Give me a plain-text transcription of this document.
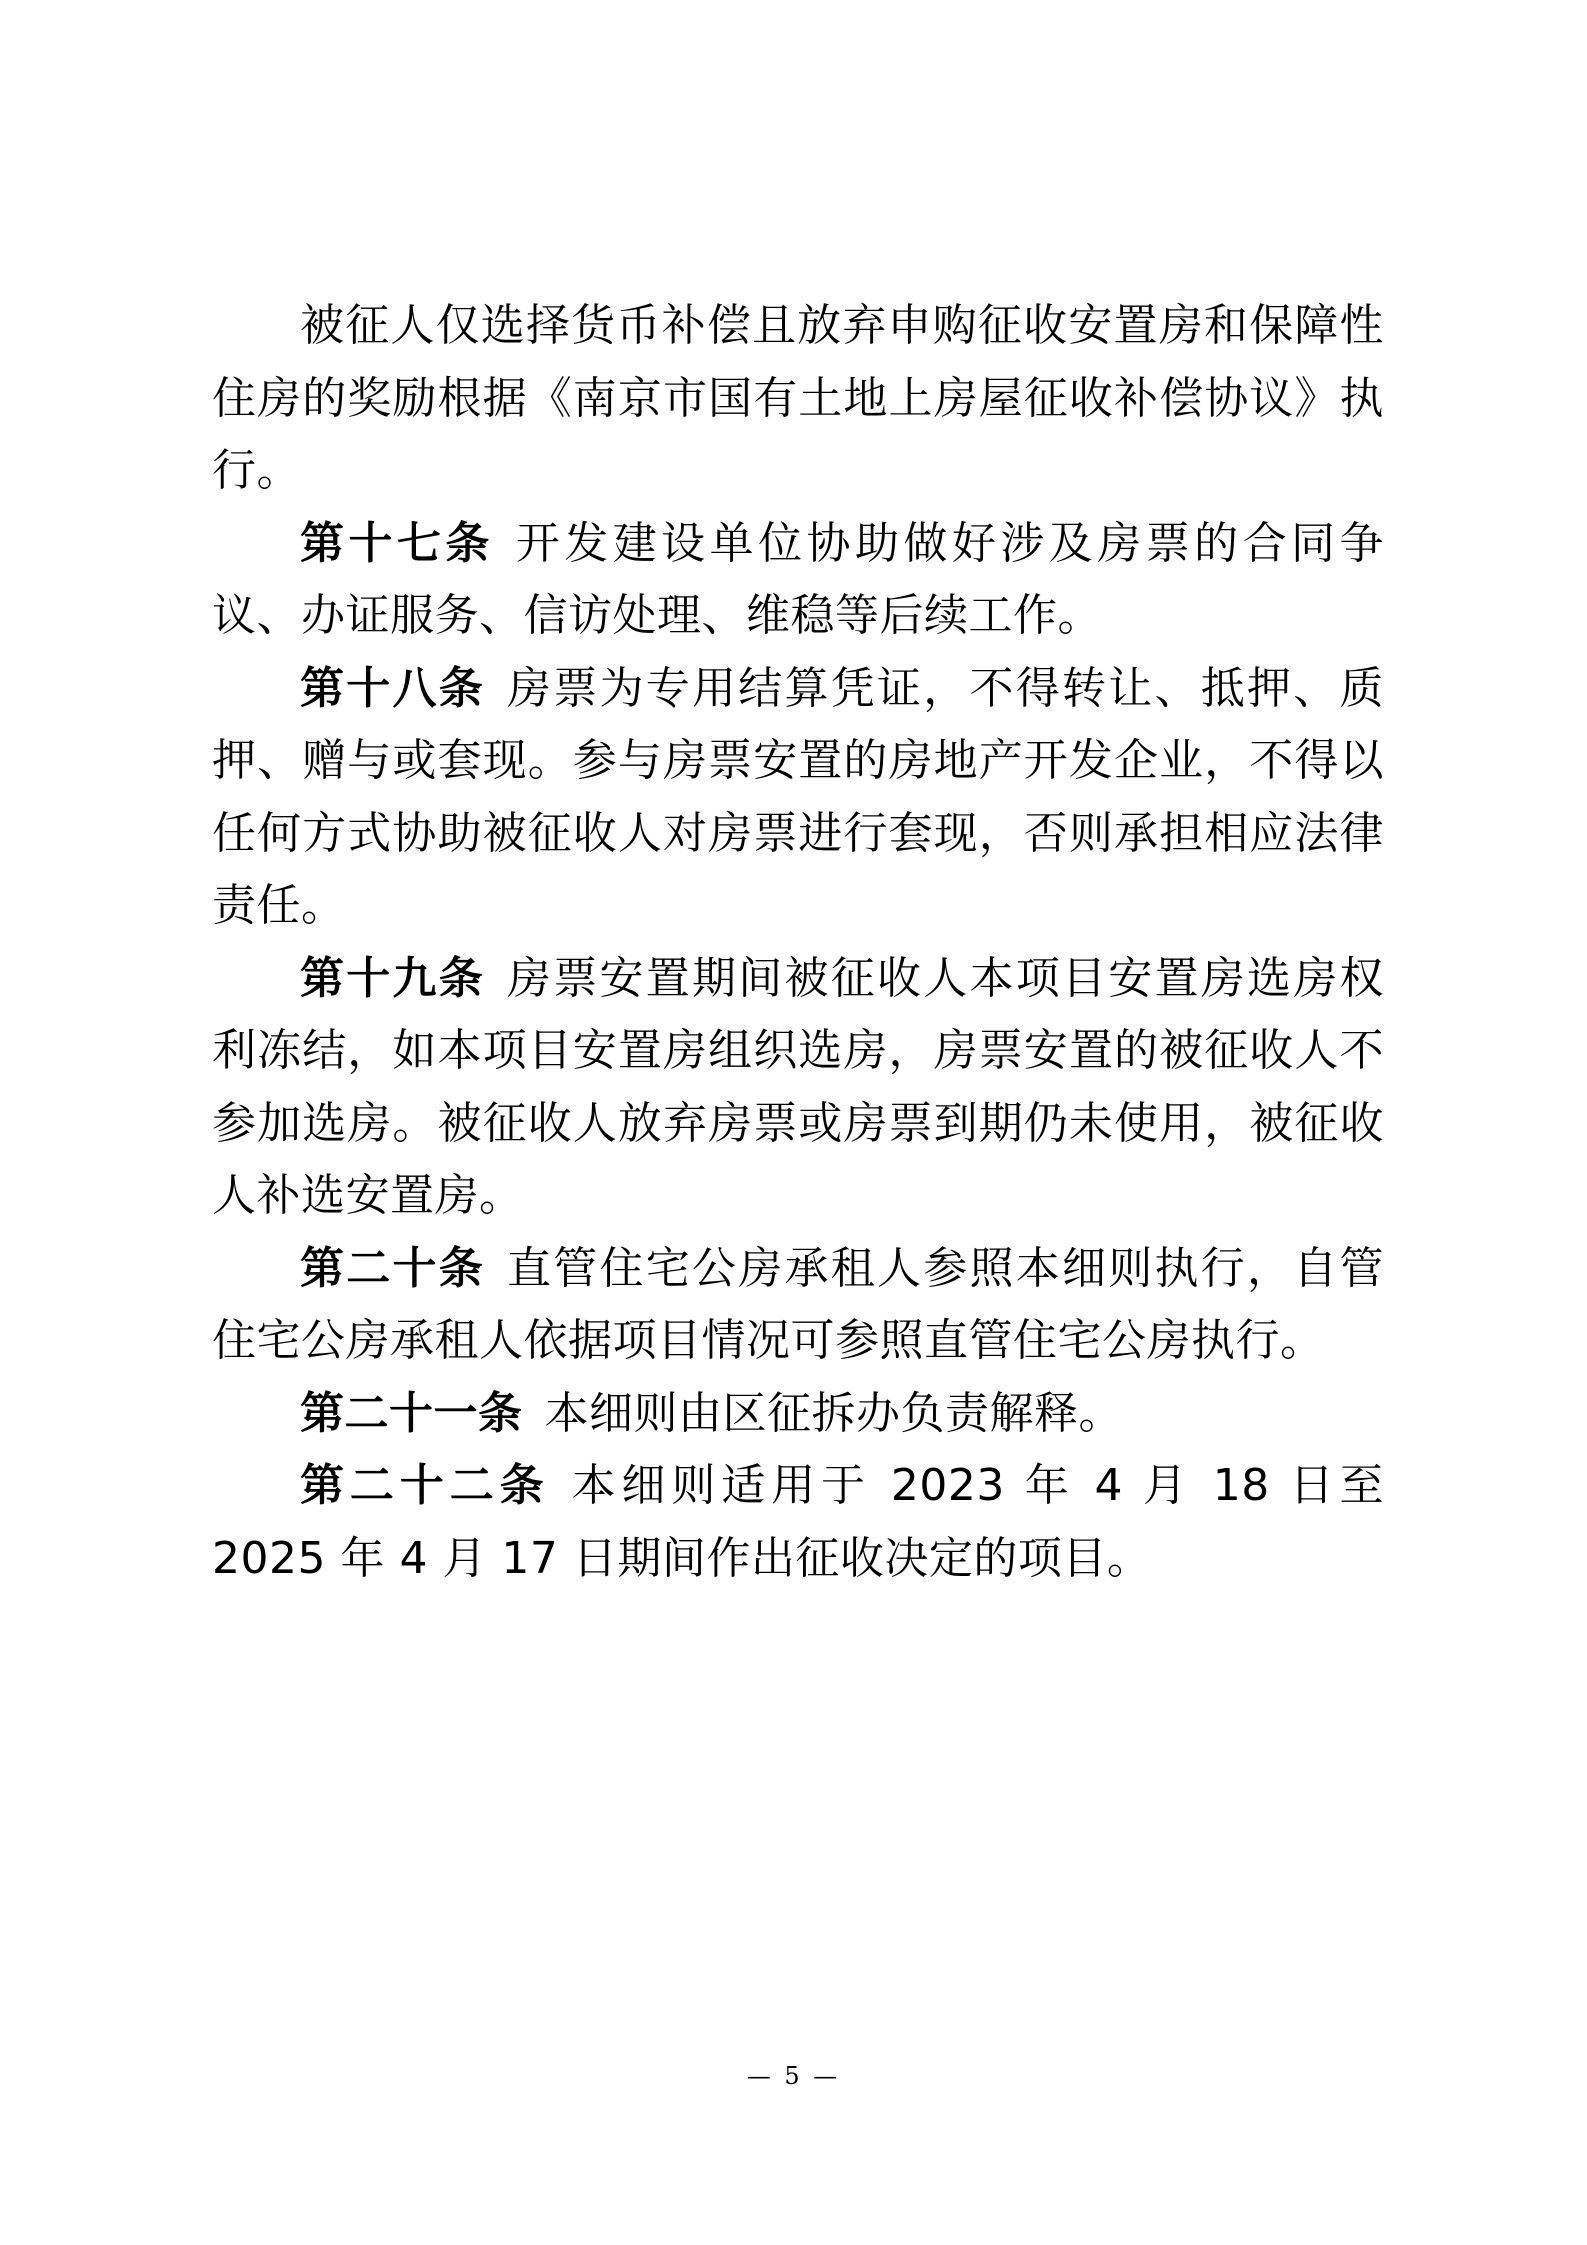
被征人仅选择货币补偿且放弃申购征收安置房和保障性住房的奖励根据《南京市国有土地上房屋征收补偿协议》执行。

第十七条 开发建设单位协助做好涉及房票的合同争议、办证服务、信访处理、维稳等后续工作。

第十八条 房票为专用结算凭证，不得转让、抵押、质押、赠与或套现。参与房票安置的房地产开发企业，不得以任何方式协助被征收人对房票进行套现，否则承担相应法律责任。

第十九条 房票安置期间被征收人本项目安置房选房权利冻结，如本项目安置房组织选房，房票安置的被征收人不参加选房。被征收人放弃房票或房票到期仍未使用，被征收人补选安置房。

第二十条 直管住宅公房承租人参照本细则执行，自管住宅公房承租人依据项目情况可参照直管住宅公房执行。

第二十一条 本细则由区征拆办负责解释。

第二十二条 本细则适用于 2023 年 4 月 18 日至 2025 年 4 月 17 日期间作出征收决定的项目。

— 5 —
